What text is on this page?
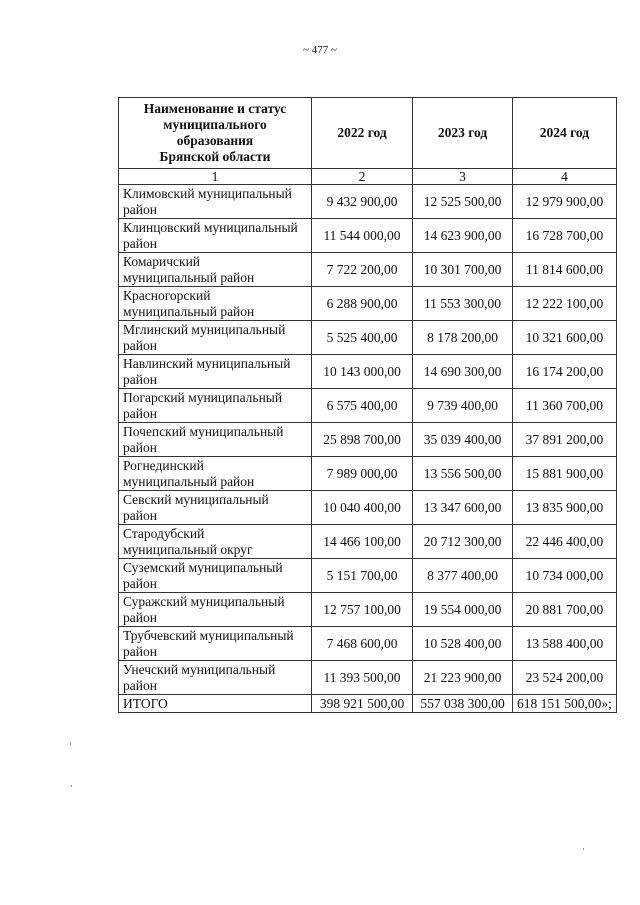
~ 477 ~
Наименование и статус
муниципального
образования
Брянской области	2022 год	2023 год	2024 год
1	2	3	4

Климовский муниципальный
район	9 432 900,00	12 525 500,00	12 979 900,00

Клинцовский муниципальный
район	11 544 000,00	14 623 900,00	16 728 700,00

Комаричский
муниципальный район	7 722 200,00	10 301 700,00	11 814 600,00

Красногорский
муниципальный район	6 288 900,00	11 553 300,00	12 222 100,00

Мглинский муниципальный
район	5 525 400,00	8 178 200,00	10 321 600,00

Навлинский муниципальный
район	10 143 000,00	14 690 300,00	16 174 200,00

Погарский муниципальный
район	6 575 400,00	9 739 400,00	11 360 700,00

Почепский муниципальный
район	25 898 700,00	35 039 400,00	37 891 200,00

Рогнединский
муниципальный район	7 989 000,00	13 556 500,00	15 881 900,00

Севский муниципальный
район	10 040 400,00	13 347 600,00	13 835 900,00

Стародубский
муниципальный округ	14 466 100,00	20 712 300,00	22 446 400,00

Суземский муниципальный
район	5 151 700,00	8 377 400,00	10 734 000,00

Суражский муниципальный
район	12 757 100,00	19 554 000,00	20 881 700,00

Трубчевский муниципальный
район	7 468 600,00	10 528 400,00	13 588 400,00

Унечский муниципальный
район	11 393 500,00	21 223 900,00	23 524 200,00
ИТОГО	398 921 500,00	557 038 300,00	618 151 500,00»;
